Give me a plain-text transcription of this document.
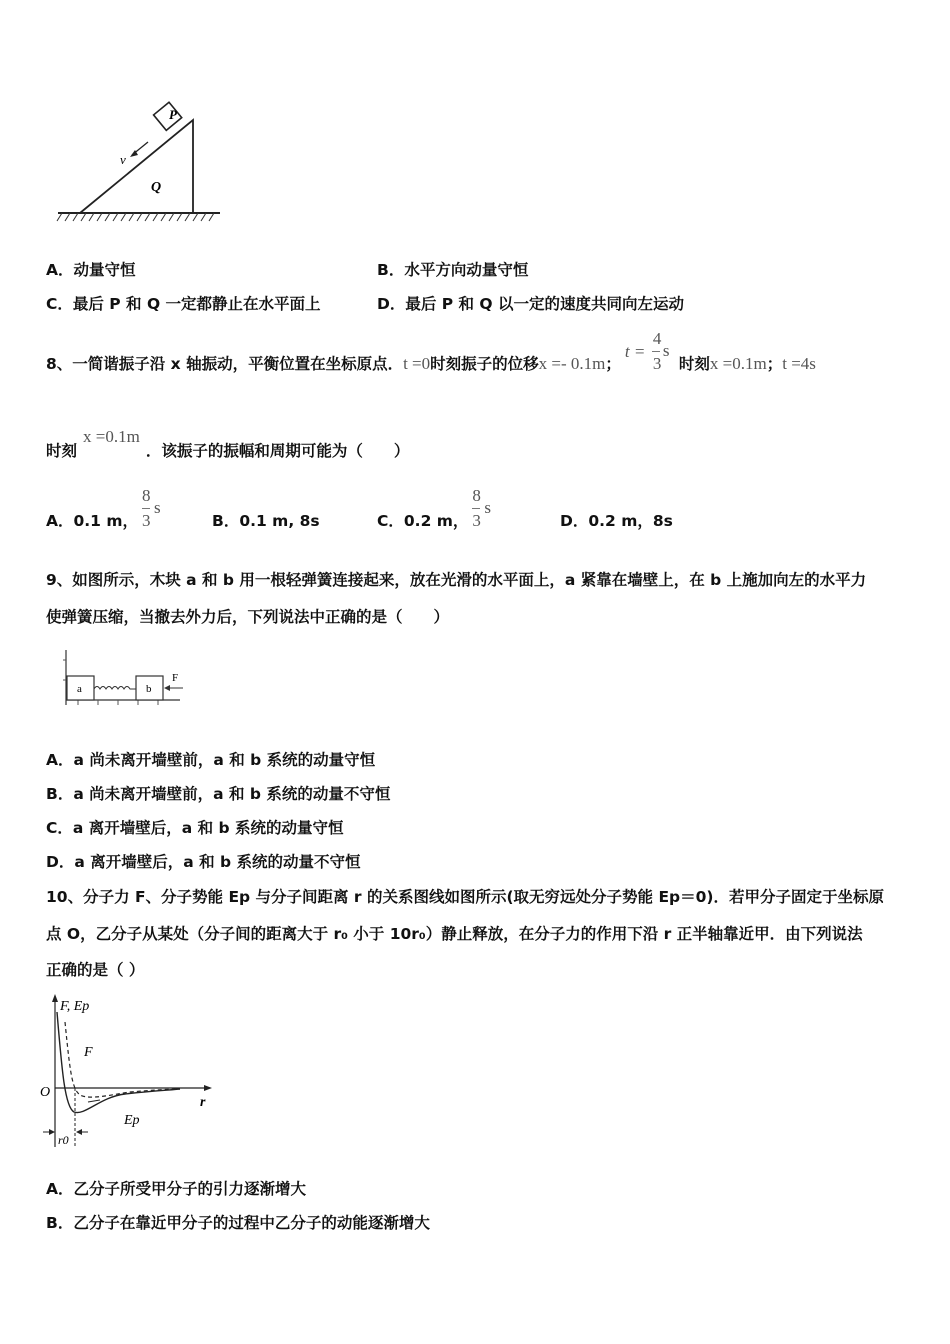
P
v
Q
A．动量守恒	B．水平方向动量守恒
C．最后 P 和 Q 一定都静止在水平面上	D．最后 P 和 Q 以一定的速度共同向左运动
8、一简谐振子沿 x 轴振动，平衡位置在坐标原点． t =0 时刻振子的位移 x =- 0.1m ；
t =
4
3
s
时刻 x =0.1m ； t =4s
时刻x =0.1m．该振子的振幅和周期可能为（　　）
A． 0.1 m，
8
3
s
B．0.1 m, 8s	C． 0.2 m，
8
3
s
D．0.2 m，8s
9、如图所示，木块 a 和 b 用一根轻弹簧连接起来，放在光滑的水平面上，a 紧靠在墙壁上，在 b 上施加向左的水平力
使弹簧压缩，当撤去外力后，下列说法中正确的是（　　）
a	b
F
A．a 尚未离开墙壁前，a 和 b 系统的动量守恒
B．a 尚未离开墙壁前，a 和 b 系统的动量不守恒
C．a 离开墙壁后，a 和 b 系统的动量守恒
D．a 离开墙壁后，a 和 b 系统的动量不守恒
10、分子力 F、分子势能 Ep 与分子间距离 r 的关系图线如图所示(取无穷远处分子势能 Ep＝0)．若甲分子固定于坐标原
点 O，乙分子从某处（分子间的距离大于 r₀ 小于 10r₀）静止释放，在分子力的作用下沿 r 正半轴靠近甲．由下列说法
正确的是（ ）
F, Ep
F
O
r
Ep
r0
A．乙分子所受甲分子的引力逐渐增大
B．乙分子在靠近甲分子的过程中乙分子的动能逐渐增大
